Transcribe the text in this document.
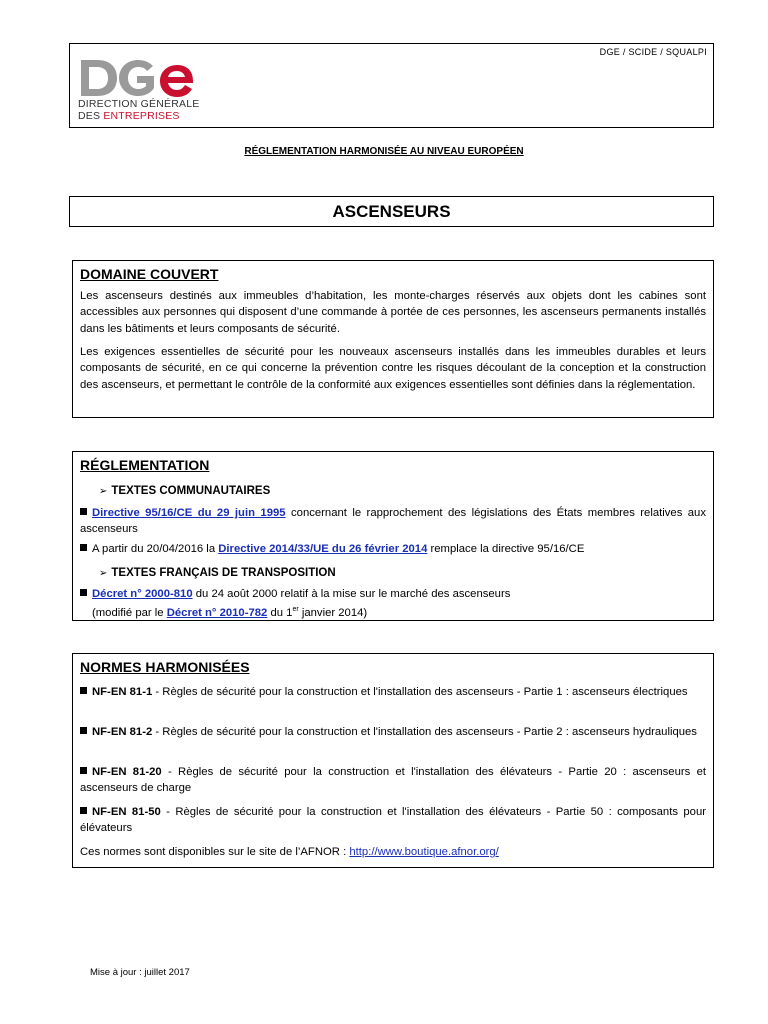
DGE / SCIDE / SQUALPI
DIRECTION GÉNÉRALE
DES ENTREPRISES
RÉGLEMENTATION HARMONISÉE AU NIVEAU EUROPÉEN
ASCENSEURS
DOMAINE COUVERT
Les ascenseurs destinés aux immeubles d’habitation, les monte-charges réservés aux objets dont les cabines sont accessibles aux personnes qui disposent d’une commande à portée de ces personnes, les ascenseurs permanents installés dans les bâtiments et leurs composants de sécurité.
Les exigences essentielles de sécurité pour les nouveaux ascenseurs installés dans les immeubles durables et leurs composants de sécurité, en ce qui concerne la prévention contre les risques découlant de la conception et la construction des ascenseurs, et permettant le contrôle de la conformité aux exigences essentielles sont définies dans la réglementation.
RÉGLEMENTATION
➢ TEXTES COMMUNAUTAIRES
Directive 95/16/CE du 29 juin 1995 concernant le rapprochement des législations des États membres relatives aux ascenseurs
A partir du 20/04/2016 la Directive 2014/33/UE du 26 février 2014 remplace la directive 95/16/CE
➢ TEXTES FRANÇAIS DE TRANSPOSITION
Décret n° 2000-810 du 24 août 2000 relatif à la mise sur le marché des ascenseurs
(modifié par le Décret n° 2010-782 du 1er janvier 2014)
NORMES HARMONISÉES
NF-EN 81-1 - Règles de sécurité pour la construction et l'installation des ascenseurs - Partie 1 : ascenseurs électriques
NF-EN 81-2 - Règles de sécurité pour la construction et l'installation des ascenseurs - Partie 2 : ascenseurs hydrauliques
NF-EN 81-20 - Règles de sécurité pour la construction et l'installation des élévateurs - Partie 20 : ascenseurs et ascenseurs de charge
NF-EN 81-50 - Règles de sécurité pour la construction et l'installation des élévateurs - Partie 50 : composants pour élévateurs
Ces normes sont disponibles sur le site de l’AFNOR : http://www.boutique.afnor.org/
Mise à jour : juillet 2017
